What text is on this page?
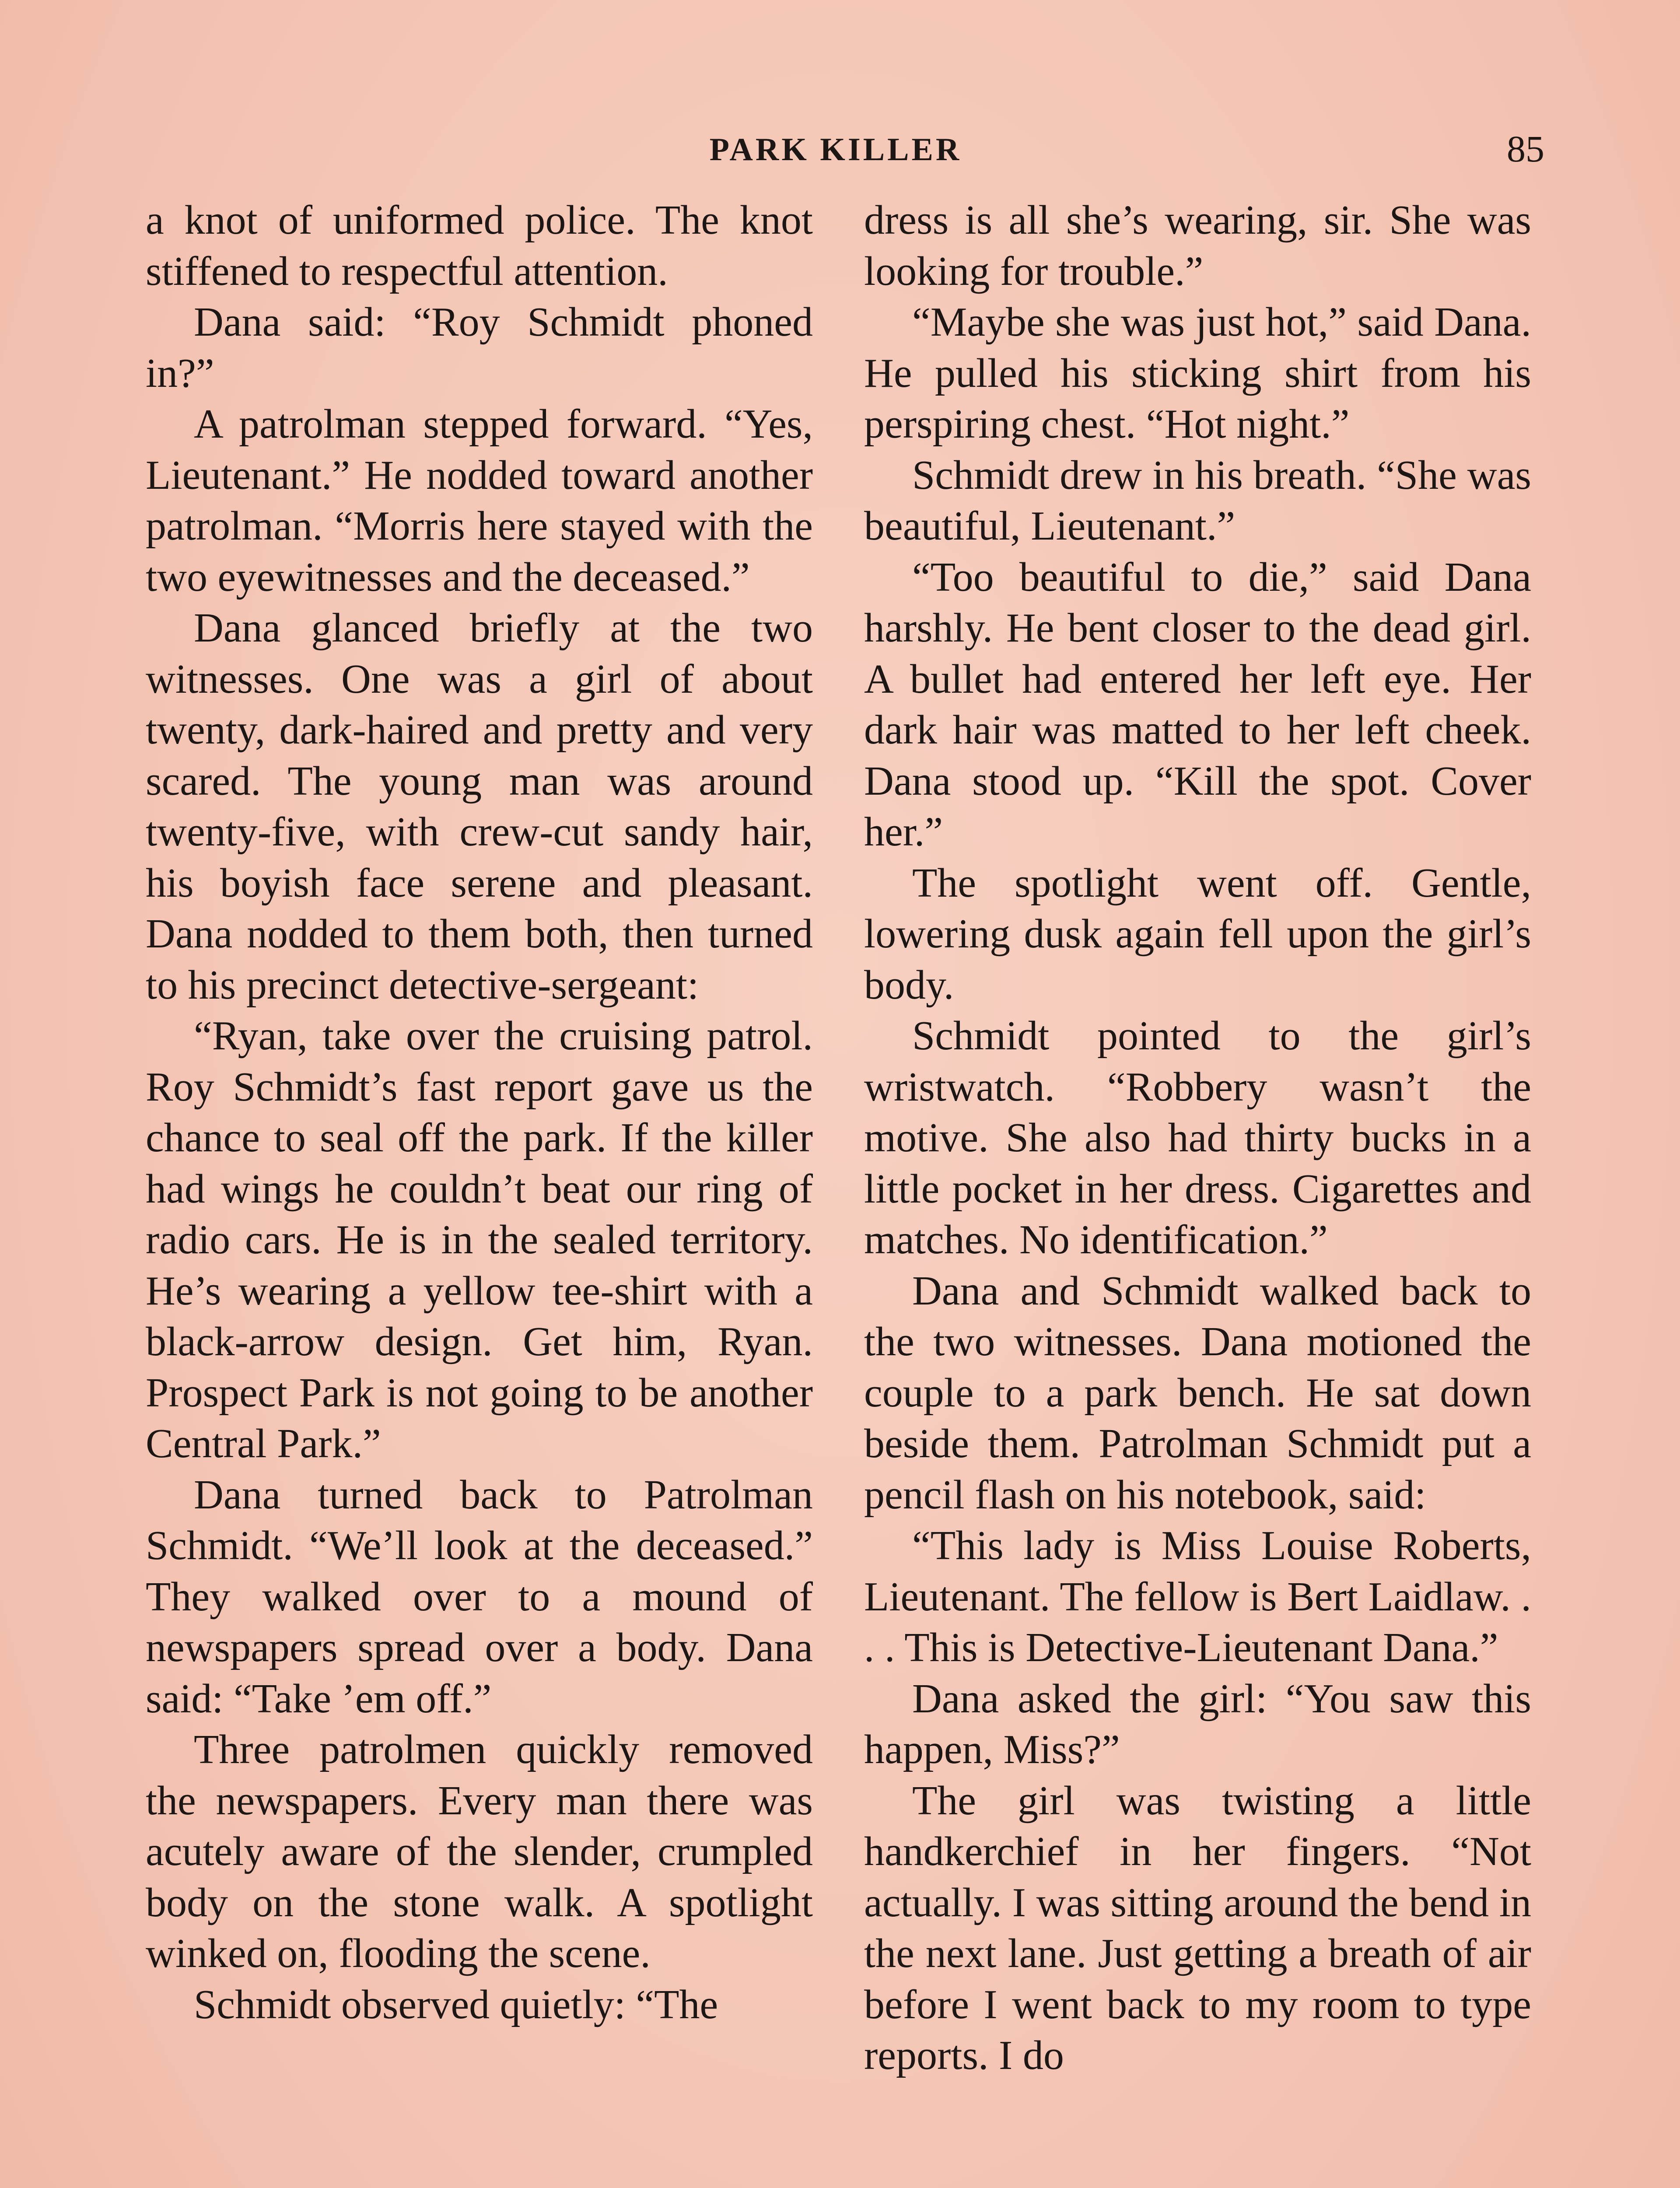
PARK KILLER	85

a knot of uniformed police. The knot stiffened to respectful attention.

Dana said: “Roy Schmidt phoned in?”

A patrolman stepped forward. “Yes, Lieutenant.” He nodded toward another patrolman. “Morris here stayed with the two eyewitnesses and the deceased.”

Dana glanced briefly at the two witnesses. One was a girl of about twenty, dark-haired and pretty and very scared. The young man was around twenty-five, with crew-cut sandy hair, his boyish face serene and pleasant. Dana nodded to them both, then turned to his precinct detective-sergeant:

“Ryan, take over the cruising patrol. Roy Schmidt’s fast report gave us the chance to seal off the park. If the killer had wings he couldn’t beat our ring of radio cars. He is in the sealed territory. He’s wearing a yellow tee-shirt with a black-arrow design. Get him, Ryan. Prospect Park is not going to be another Central Park.”

Dana turned back to Patrolman Schmidt. “We’ll look at the deceased.” They walked over to a mound of newspapers spread over a body. Dana said: “Take ’em off.”

Three patrolmen quickly removed the newspapers. Every man there was acutely aware of the slender, crumpled body on the stone walk. A spotlight winked on, flooding the scene.

Schmidt observed quietly: “The

dress is all she’s wearing, sir. She was looking for trouble.”

“Maybe she was just hot,” said Dana. He pulled his sticking shirt from his perspiring chest. “Hot night.”

Schmidt drew in his breath. “She was beautiful, Lieutenant.”

“Too beautiful to die,” said Dana harshly. He bent closer to the dead girl. A bullet had entered her left eye. Her dark hair was matted to her left cheek. Dana stood up. “Kill the spot. Cover her.”

The spotlight went off. Gentle, lowering dusk again fell upon the girl’s body.

Schmidt pointed to the girl’s wristwatch. “Robbery wasn’t the motive. She also had thirty bucks in a little pocket in her dress. Cigarettes and matches. No identification.”

Dana and Schmidt walked back to the two witnesses. Dana motioned the couple to a park bench. He sat down beside them. Patrolman Schmidt put a pencil flash on his notebook, said:

“This lady is Miss Louise Roberts, Lieutenant. The fellow is Bert Laidlaw. . . . This is Detective-Lieutenant Dana.”

Dana asked the girl: “You saw this happen, Miss?”

The girl was twisting a little handkerchief in her fingers. “Not actually. I was sitting around the bend in the next lane. Just getting a breath of air before I went back to my room to type reports. I do
